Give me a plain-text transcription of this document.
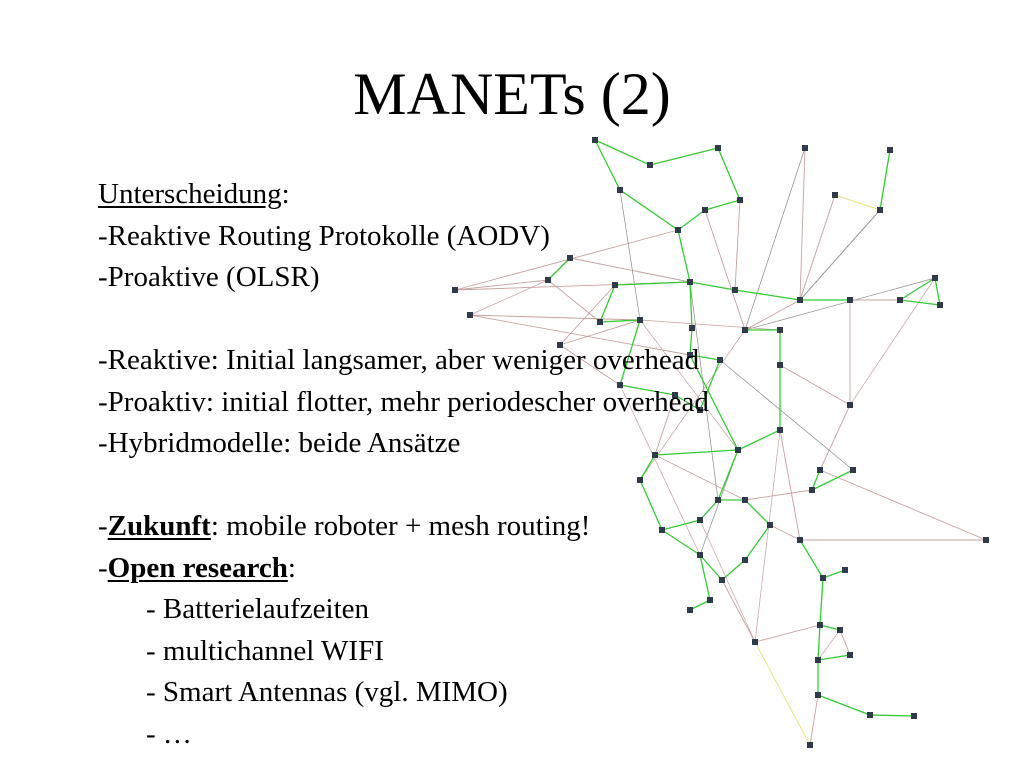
MANETs (2)
Unterscheidung:
-Reaktive Routing Protokolle (AODV)
-Proaktive (OLSR)
-Reaktive: Initial langsamer, aber weniger overhead
-Proaktiv: initial flotter, mehr periodescher overhead
-Hybridmodelle: beide Ansätze
-Zukunft: mobile roboter + mesh routing!
-Open research:
- Batterielaufzeiten
- multichannel WIFI
- Smart Antennas (vgl. MIMO)
- …
